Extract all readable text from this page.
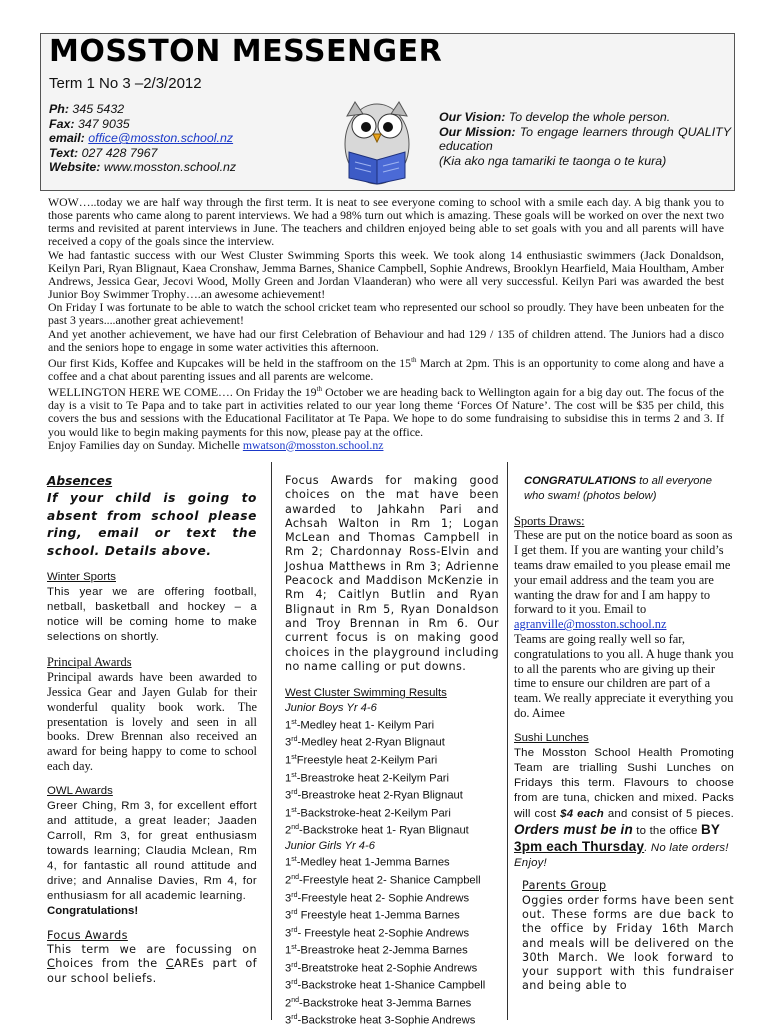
MOSSTON MESSENGER
Term 1 No 3 –2/3/2012
Ph: 345 5432
Fax: 347 9035
email: office@mosston.school.nz
Text: 027 428 7967
Website: www.mosston.school.nz
Our Vision: To develop the whole person.
Our Mission: To engage learners through QUALITY education
(Kia ako nga tamariki te taonga o te kura)

WOW…..today we are half way through the first term. It is neat to see everyone coming to school with a smile each day. A big thank you to those parents who came along to parent interviews. We had a 98% turn out which is amazing. These goals will be worked on over the next two terms and revisited at parent interviews in June. The teachers and children enjoyed being able to set goals with you and all parents will have received a copy of the goals since the interview.

We had fantastic success with our West Cluster Swimming Sports this week. We took along 14 enthusiastic swimmers (Jack Donaldson, Keilyn Pari, Ryan Blignaut, Kaea Cronshaw, Jemma Barnes, Shanice Campbell, Sophie Andrews, Brooklyn Hearfield, Maia Houltham, Amber Andrews, Jessica Gear, Jecovi Wood, Molly Green and Jordan Vlaanderan) who were all very successful. Keilyn Pari was awarded the best Junior Boy Swimmer Trophy….an awesome achievement!

On Friday I was fortunate to be able to watch the school cricket team who represented our school so proudly. They have been unbeaten for the past 3 years....another great achievement!

And yet another achievement, we have had our first Celebration of Behaviour and had 129 / 135 of children attend. The Juniors had a disco and the seniors hope to engage in some water activities this afternoon.

Our first Kids, Koffee and Kupcakes will be held in the staffroom on the 15th March at 2pm. This is an opportunity to come along and have a coffee and a chat about parenting issues and all parents are welcome.

WELLINGTON HERE WE COME…. On Friday the 19th October we are heading back to Wellington again for a big day out. The focus of the day is a visit to Te Papa and to take part in activities related to our year long theme ‘Forces Of Nature’. The cost will be $35 per child, this covers the bus and sessions with the Educational Facilitator at Te Papa. We hope to do some fundraising to subsidise this in terms 2 and 3. If you would like to begin making payments for this now, please pay at the office.

Enjoy Families day on Sunday. Michelle mwatson@mosston.school.nz

Absences

If your child is going to absent from school please ring, email or text the school. Details above.

Winter Sports

This year we are offering football, netball, basketball and hockey – a notice will be coming home to make selections on shortly.

Principal Awards

Principal awards have been awarded to Jessica Gear and Jayen Gulab for their wonderful quality book work. The presentation is lovely and seen in all books. Drew Brennan also received an award for being happy to come to school each day.

OWL Awards

Greer Ching, Rm 3, for excellent effort and attitude, a great leader; Jaaden Carroll, Rm 3, for great enthusiasm towards learning; Claudia Mclean, Rm 4, for fantastic all round attitude and drive; and Annalise Davies, Rm 4, for enthusiasm for all academic learning.

Congratulations!

Focus Awards

This term we are focussing on Choices from the CAREs part of our school beliefs.

Focus Awards for making good choices on the mat have been awarded to Jahkahn Pari and Achsah Walton in Rm 1; Logan McLean and Thomas Campbell in Rm 2; Chardonnay Ross-Elvin and Joshua Matthews in Rm 3; Adrienne Peacock and Maddison McKenzie in Rm 4; Caitlyn Butlin and Ryan Blignaut in Rm 5, Ryan Donaldson and Troy Brennan in Rm 6. Our current focus is on making good choices in the playground including no name calling or put downs.

West Cluster Swimming Results

Junior Boys Yr 4-6

1st-Medley heat 1- Keilym Pari

3rd-Medley heat 2-Ryan Blignaut

1stFreestyle heat 2-Keilym Pari

1st-Breastroke heat 2-Keilym Pari

3rd-Breastroke heat 2-Ryan Blignaut

1st-Backstroke-heat 2-Keilym Pari

2nd-Backstroke heat 1- Ryan Blignaut

Junior Girls Yr 4-6

1st-Medley heat 1-Jemma Barnes

2nd-Freestyle heat 2- Shanice Campbell

3rd-Freestyle heat 2- Sophie Andrews

3rd Freestyle heat 1-Jemma Barnes

3rd- Freestyle heat 2-Sophie Andrews

1st-Breastroke heat 2-Jemma Barnes

3rd-Breatstroke heat 2-Sophie Andrews

3rd-Backstroke heat 1-Shanice Campbell

2nd-Backstroke heat 3-Jemma Barnes

3rd-Backstroke heat 3-Sophie Andrews

CONGRATULATIONS to all everyone who swam! (photos below)

Sports Draws:

These are put on the notice board as soon as I get them. If you are wanting your child’s teams draw emailed to you please email me your email address and the team you are wanting the draw for and I am happy to forward to it you. Email to
agranville@mosston.school.nz
Teams are going really well so far, congratulations to you all. A huge thank you to all the parents who are giving up their time to ensure our children are part of a team. We really appreciate it everything you do. Aimee

Sushi Lunches

The Mosston School Health Promoting Team are trialling Sushi Lunches on Fridays this term. Flavours to choose from are tuna, chicken and mixed. Packs will cost $4 each and consist of 5 pieces. Orders must be in to the office BY
3pm each Thursday. No late orders!
Enjoy!

Parents Group

Oggies order forms have been sent out. These forms are due back to the office by Friday 16th March and meals will be delivered on the 30th March. We look forward to your support with this fundraiser and being able to
